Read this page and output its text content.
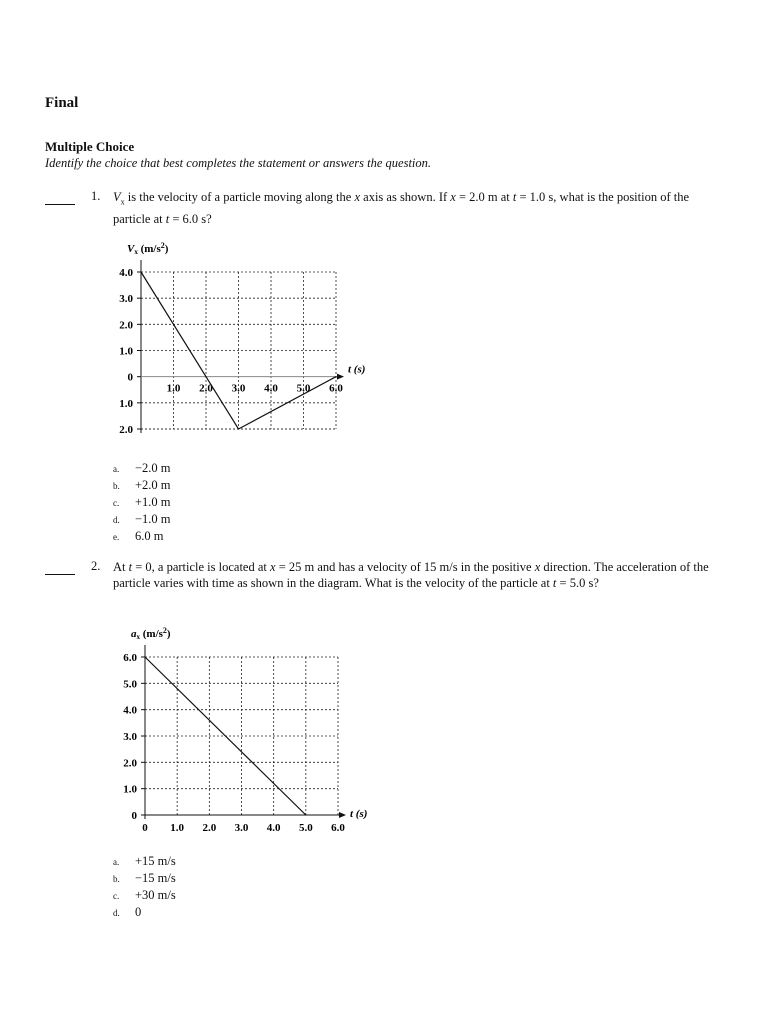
Final
Multiple Choice
Identify the choice that best completes the statement or answers the question.
1. $V_x$ is the velocity of a particle moving along the x axis as shown. If x = 2.0 m at t = 1.0 s, what is the position of the particle at t = 6.0 s?
4.0
3.0
2.0
1.0
0
1.0
2.0
1.0 2.0 3.0 4.0 5.0 6.0
t (s)
Vx $(m/s^2)$
a.	−2.0 m
b.	+2.0 m
c.	+1.0 m
d.	−1.0 m
e.	6.0 m
2. At t = 0, a particle is located at x = 25 m and has a velocity of 15 m/s in the positive x direction. The acceleration of the particle varies with time as shown in the diagram. What is the velocity of the particle at t = 5.0 s?
6.0
5.0
4.0
3.0
2.0
1.0
0
0 1.0 2.0 3.0 4.0 5.0 6.0
t (s)
ax $(m/s^2)$
a.	+15 m/s
b.	−15 m/s
c.	+30 m/s
d.	0
